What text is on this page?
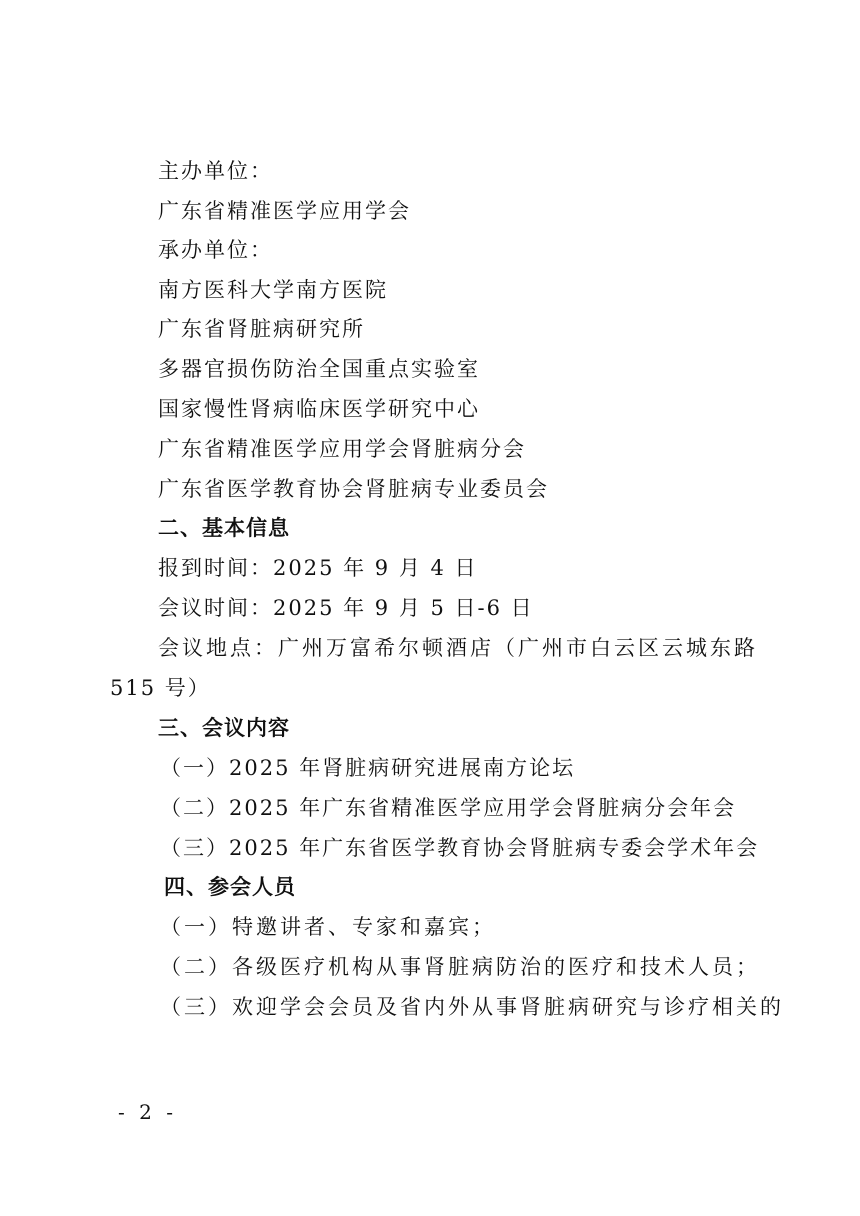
主办单位：
广东省精准医学应用学会
承办单位：
南方医科大学南方医院
广东省肾脏病研究所
多器官损伤防治全国重点实验室
国家慢性肾病临床医学研究中心
广东省精准医学应用学会肾脏病分会
广东省医学教育协会肾脏病专业委员会
二、基本信息
报到时间：2025 年 9 月 4 日
会议时间：2025 年 9 月 5 日-6 日
会议地点：广州万富希尔顿酒店（广州市白云区云城东路
515 号）
三、会议内容
（一）2025 年肾脏病研究进展南方论坛
（二）2025 年广东省精准医学应用学会肾脏病分会年会
（三）2025 年广东省医学教育协会肾脏病专委会学术年会
四、参会人员
（一）特邀讲者、专家和嘉宾；
（二）各级医疗机构从事肾脏病防治的医疗和技术人员；
（三）欢迎学会会员及省内外从事肾脏病研究与诊疗相关的
- 2 -
